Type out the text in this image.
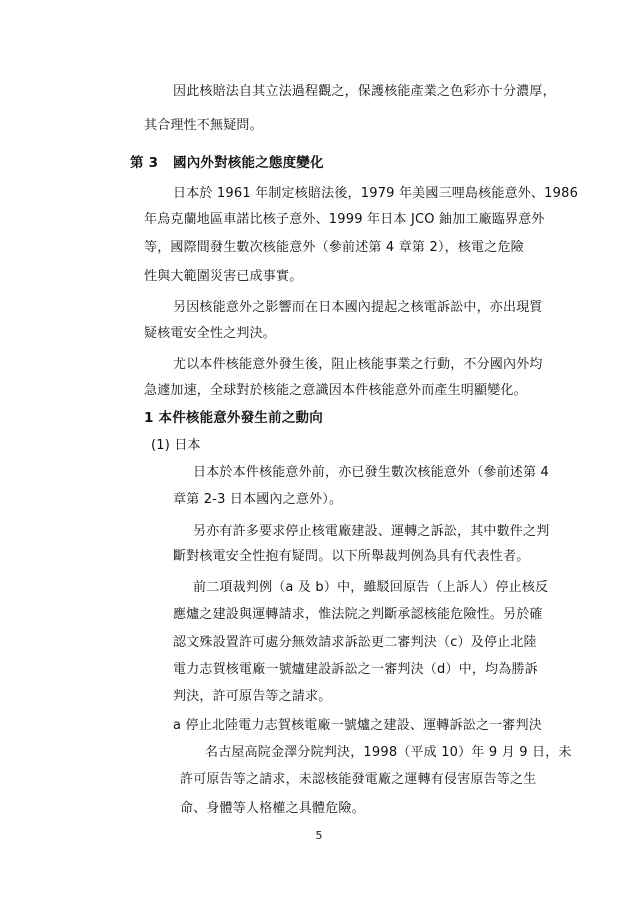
因此核賠法自其立法過程觀之，保護核能產業之色彩亦十分濃厚，
其合理性不無疑問。
第 3 國內外對核能之態度變化
日本於 1961 年制定核賠法後，1979 年美國三哩島核能意外、1986
年烏克蘭地區車諾比核子意外、1999 年日本 JCO 鈾加工廠臨界意外
等，國際間發生數次核能意外（參前述第 4 章第 2），核電之危險
性與大範圍災害已成事實。
另因核能意外之影響而在日本國內提起之核電訴訟中，亦出現質
疑核電安全性之判決。
尤以本件核能意外發生後，阻止核能事業之行動，不分國內外均
急遽加速，全球對於核能之意識因本件核能意外而產生明顯變化。
1 本件核能意外發生前之動向
(1) 日本
日本於本件核能意外前，亦已發生數次核能意外（參前述第 4
章第 2-3 日本國內之意外）。
另亦有許多要求停止核電廠建設、運轉之訴訟，其中數件之判
斷對核電安全性抱有疑問。以下所舉裁判例為具有代表性者。
前二項裁判例（a 及 b）中，雖駁回原告（上訴人）停止核反
應爐之建設與運轉請求，惟法院之判斷承認核能危險性。另於確
認文殊設置許可處分無效請求訴訟更二審判決（c）及停止北陸
電力志賀核電廠一號爐建設訴訟之一審判決（d）中，均為勝訴
判決，許可原告等之請求。
a 停止北陸電力志賀核電廠一號爐之建設、運轉訴訟之一審判決
名古屋高院金澤分院判決，1998（平成 10）年 9 月 9 日，未
許可原告等之請求，未認核能發電廠之運轉有侵害原告等之生
命、身體等人格權之具體危險。
5
